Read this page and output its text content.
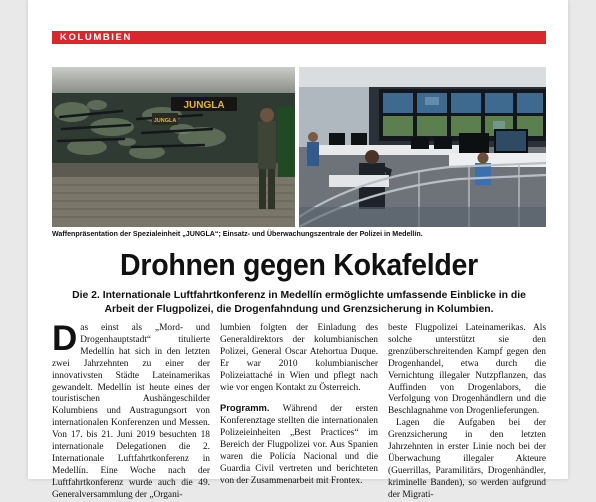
KOLUMBIEN
JUNGLA
JUNGLA
Waffenpräsentation der Spezialeinheit „JUNGLA“; Einsatz- und Überwachungszentrale der Polizei in Medellín.
Drohnen gegen Kokafelder
Die 2. Internationale Luftfahrtkonferenz in Medellín ermöglichte umfassende Einblicke in die Arbeit der Flugpolizei, die Drogenfahndung und Grenzsicherung in Kolumbien.

Das einst als „Mord- und Drogenhauptstadt“ titulierte Medellín hat sich in den letzten zwei Jahrzehnten zu einer der innovativsten Städte Lateinamerikas gewandelt. Medellín ist heute eines der touristischen Aushängeschilder Kolumbiens und Austragungsort von internationalen Konferenzen und Messen. Von 17. bis 21. Juni 2019 besuchten 18 internationale Delegationen die 2. Internationale Luftfahrtkonferenz in Medellín. Eine Woche nach der Luftfahrtkonferenz wurde auch die 49. Generalversammlung der „Organi-

lumbien folgten der Einladung des Generaldirektors der kolumbianischen Polizei, General Oscar Atehortua Duque. Er war 2010 kolumbianischer Polizeiattaché in Wien und pflegt nach wie vor engen Kontakt zu Österreich.

Programm. Während der ersten Konferenztage stellten die internationalen Polizeieinheiten „Best Practices“ im Bereich der Flugpolizei vor. Aus Spanien waren die Policía Nacional und die Guardia Civil vertreten und berichteten von der Zusammenarbeit mit Frontex.

beste Flugpolizei Lateinamerikas. Als solche unterstützt sie den grenzüberschreitenden Kampf gegen den Drogenhandel, etwa durch die Vernichtung illegaler Nutzpflanzen, das Auffinden von Drogenlabors, die Verfolgung von Drogenhändlern und die Beschlagnahme von Drogenlieferungen.

Lagen die Aufgaben bei der Grenzsicherung in den letzten Jahrzehnten in erster Linie noch bei der Überwachung illegaler Akteure (Guerrillas, Paramilitärs, Drogenhändler, kriminelle Banden), so werden aufgrund der Migrati-
